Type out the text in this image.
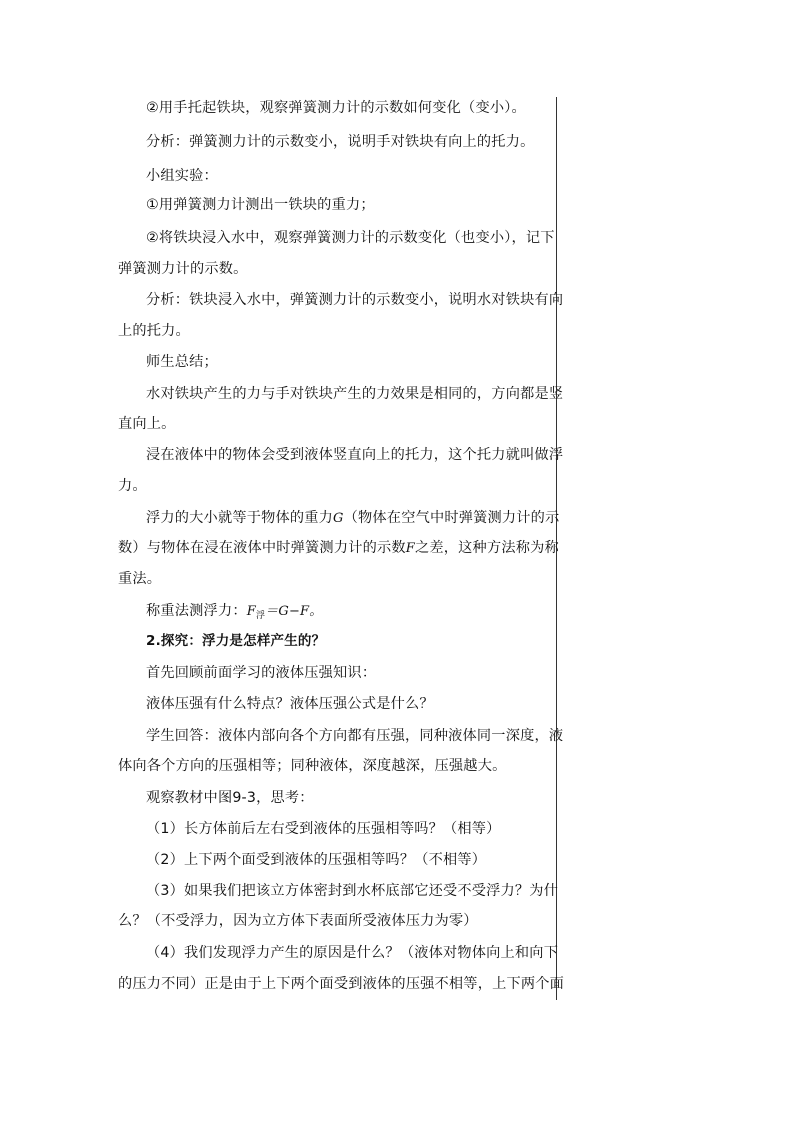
②用手托起铁块，观察弹簧测力计的示数如何变化（变小）。
分析：弹簧测力计的示数变小，说明手对铁块有向上的托力。
小组实验：
①用弹簧测力计测出一铁块的重力；
②将铁块浸入水中，观察弹簧测力计的示数变化（也变小），记下
弹簧测力计的示数。
分析：铁块浸入水中，弹簧测力计的示数变小，说明水对铁块有向
上的托力。
师生总结；
水对铁块产生的力与手对铁块产生的力效果是相同的，方向都是竖
直向上。
浸在液体中的物体会受到液体竖直向上的托力，这个托力就叫做浮
力。
浮力的大小就等于物体的重力G（物体在空气中时弹簧测力计的示
数）与物体在浸在液体中时弹簧测力计的示数F之差，这种方法称为称
重法。
称重法测浮力：$F_浮=G-F$。
2.探究：浮力是怎样产生的？
首先回顾前面学习的液体压强知识：
液体压强有什么特点？液体压强公式是什么？
学生回答：液体内部向各个方向都有压强，同种液体同一深度，液
体向各个方向的压强相等；同种液体，深度越深，压强越大。
观察教材中图9-3，思考：
（1）长方体前后左右受到液体的压强相等吗？（相等）
（2）上下两个面受到液体的压强相等吗？（不相等）
（3）如果我们把该立方体密封到水杯底部它还受不受浮力？为什
么？（不受浮力，因为立方体下表面所受液体压力为零）
（4）我们发现浮力产生的原因是什么？（液体对物体向上和向下
的压力不同）正是由于上下两个面受到液体的压强不相等，上下两个面
